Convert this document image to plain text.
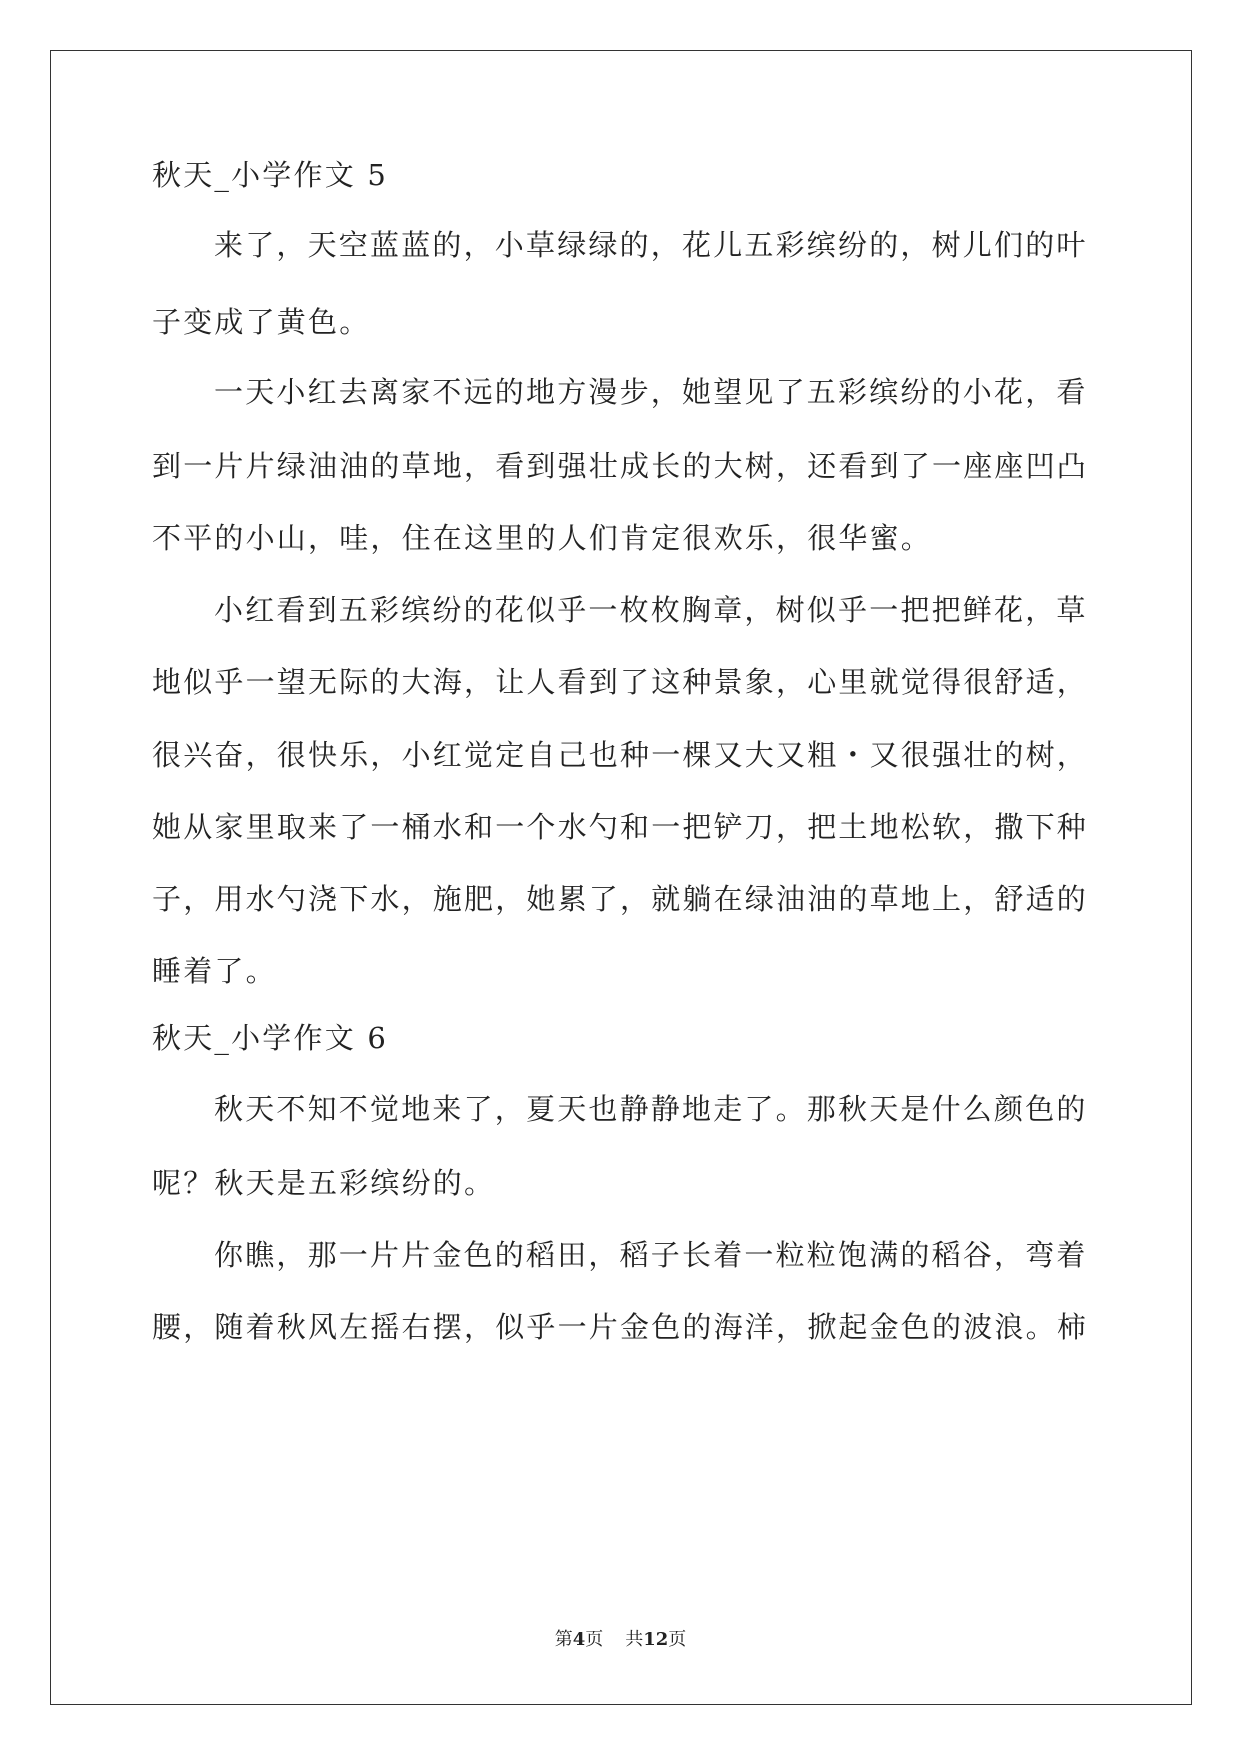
秋天_小学作文 5
来了，天空蓝蓝的，小草绿绿的，花儿五彩缤纷的，树儿们的叶
子变成了黄色。
一天小红去离家不远的地方漫步，她望见了五彩缤纷的小花，看
到一片片绿油油的草地，看到强壮成长的大树，还看到了一座座凹凸
不平的小山，哇，住在这里的人们肯定很欢乐，很华蜜。
小红看到五彩缤纷的花似乎一枚枚胸章，树似乎一把把鲜花，草
地似乎一望无际的大海，让人看到了这种景象，心里就觉得很舒适，
很兴奋，很快乐，小红觉定自己也种一棵又大又粗・又很强壮的树，
她从家里取来了一桶水和一个水勺和一把铲刀，把土地松软，撒下种
子，用水勺浇下水，施肥，她累了，就躺在绿油油的草地上，舒适的
睡着了。
秋天_小学作文 6
秋天不知不觉地来了，夏天也静静地走了。那秋天是什么颜色的
呢？秋天是五彩缤纷的。
你瞧，那一片片金色的稻田，稻子长着一粒粒饱满的稻谷，弯着
腰，随着秋风左摇右摆，似乎一片金色的海洋，掀起金色的波浪。柿
第4页 共12页
